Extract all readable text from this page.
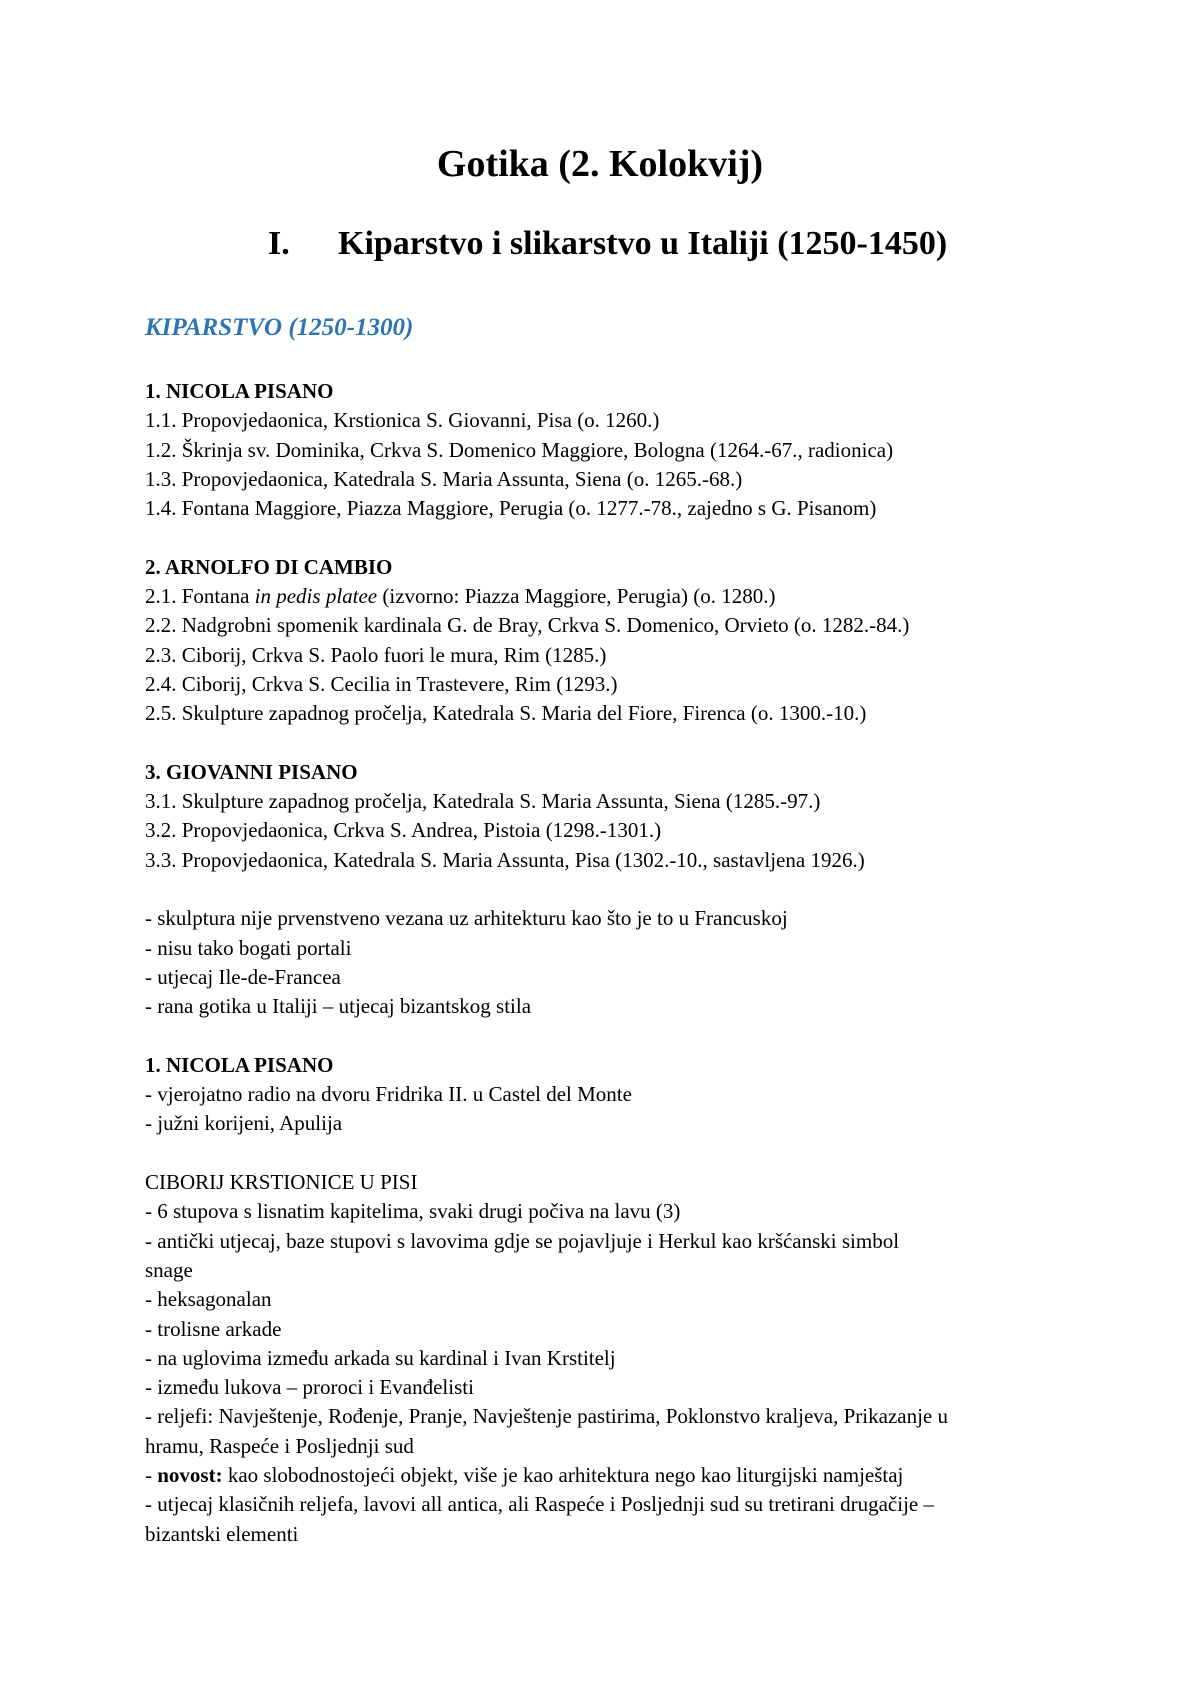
Gotika (2. Kolokvij)
I. Kiparstvo i slikarstvo u Italiji (1250-1450)
KIPARSTVO (1250-1300)
1. NICOLA PISANO
1.1. Propovjedaonica, Krstionica S. Giovanni, Pisa (o. 1260.)
1.2. Škrinja sv. Dominika, Crkva S. Domenico Maggiore, Bologna (1264.-67., radionica)
1.3. Propovjedaonica, Katedrala S. Maria Assunta, Siena (o. 1265.-68.)
1.4. Fontana Maggiore, Piazza Maggiore, Perugia (o. 1277.-78., zajedno s G. Pisanom)
2. ARNOLFO DI CAMBIO
2.1. Fontana in pedis platee (izvorno: Piazza Maggiore, Perugia) (o. 1280.)
2.2. Nadgrobni spomenik kardinala G. de Bray, Crkva S. Domenico, Orvieto (o. 1282.-84.)
2.3. Ciborij, Crkva S. Paolo fuori le mura, Rim (1285.)
2.4. Ciborij, Crkva S. Cecilia in Trastevere, Rim (1293.)
2.5. Skulpture zapadnog pročelja, Katedrala S. Maria del Fiore, Firenca (o. 1300.-10.)
3. GIOVANNI PISANO
3.1. Skulpture zapadnog pročelja, Katedrala S. Maria Assunta, Siena (1285.-97.)
3.2. Propovjedaonica, Crkva S. Andrea, Pistoia (1298.-1301.)
3.3. Propovjedaonica, Katedrala S. Maria Assunta, Pisa (1302.-10., sastavljena 1926.)
- skulptura nije prvenstveno vezana uz arhitekturu kao što je to u Francuskoj
- nisu tako bogati portali
- utjecaj Ile-de-Francea
- rana gotika u Italiji – utjecaj bizantskog stila
1. NICOLA PISANO
- vjerojatno radio na dvoru Fridrika II. u Castel del Monte
- južni korijeni, Apulija
CIBORIJ KRSTIONICE U PISI
- 6 stupova s lisnatim kapitelima, svaki drugi počiva na lavu (3)
- antički utjecaj, baze stupovi s lavovima gdje se pojavljuje i Herkul kao kršćanski simbol
snage
- heksagonalan
- trolisne arkade
- na uglovima između arkada su kardinal i Ivan Krstitelj
- između lukova – proroci i Evanđelisti
- reljefi: Navještenje, Rođenje, Pranje, Navještenje pastirima, Poklonstvo kraljeva, Prikazanje u
hramu, Raspeće i Posljednji sud
- novost: kao slobodnostojeći objekt, više je kao arhitektura nego kao liturgijski namještaj
- utjecaj klasičnih reljefa, lavovi all antica, ali Raspeće i Posljednji sud su tretirani drugačije –
bizantski elementi
